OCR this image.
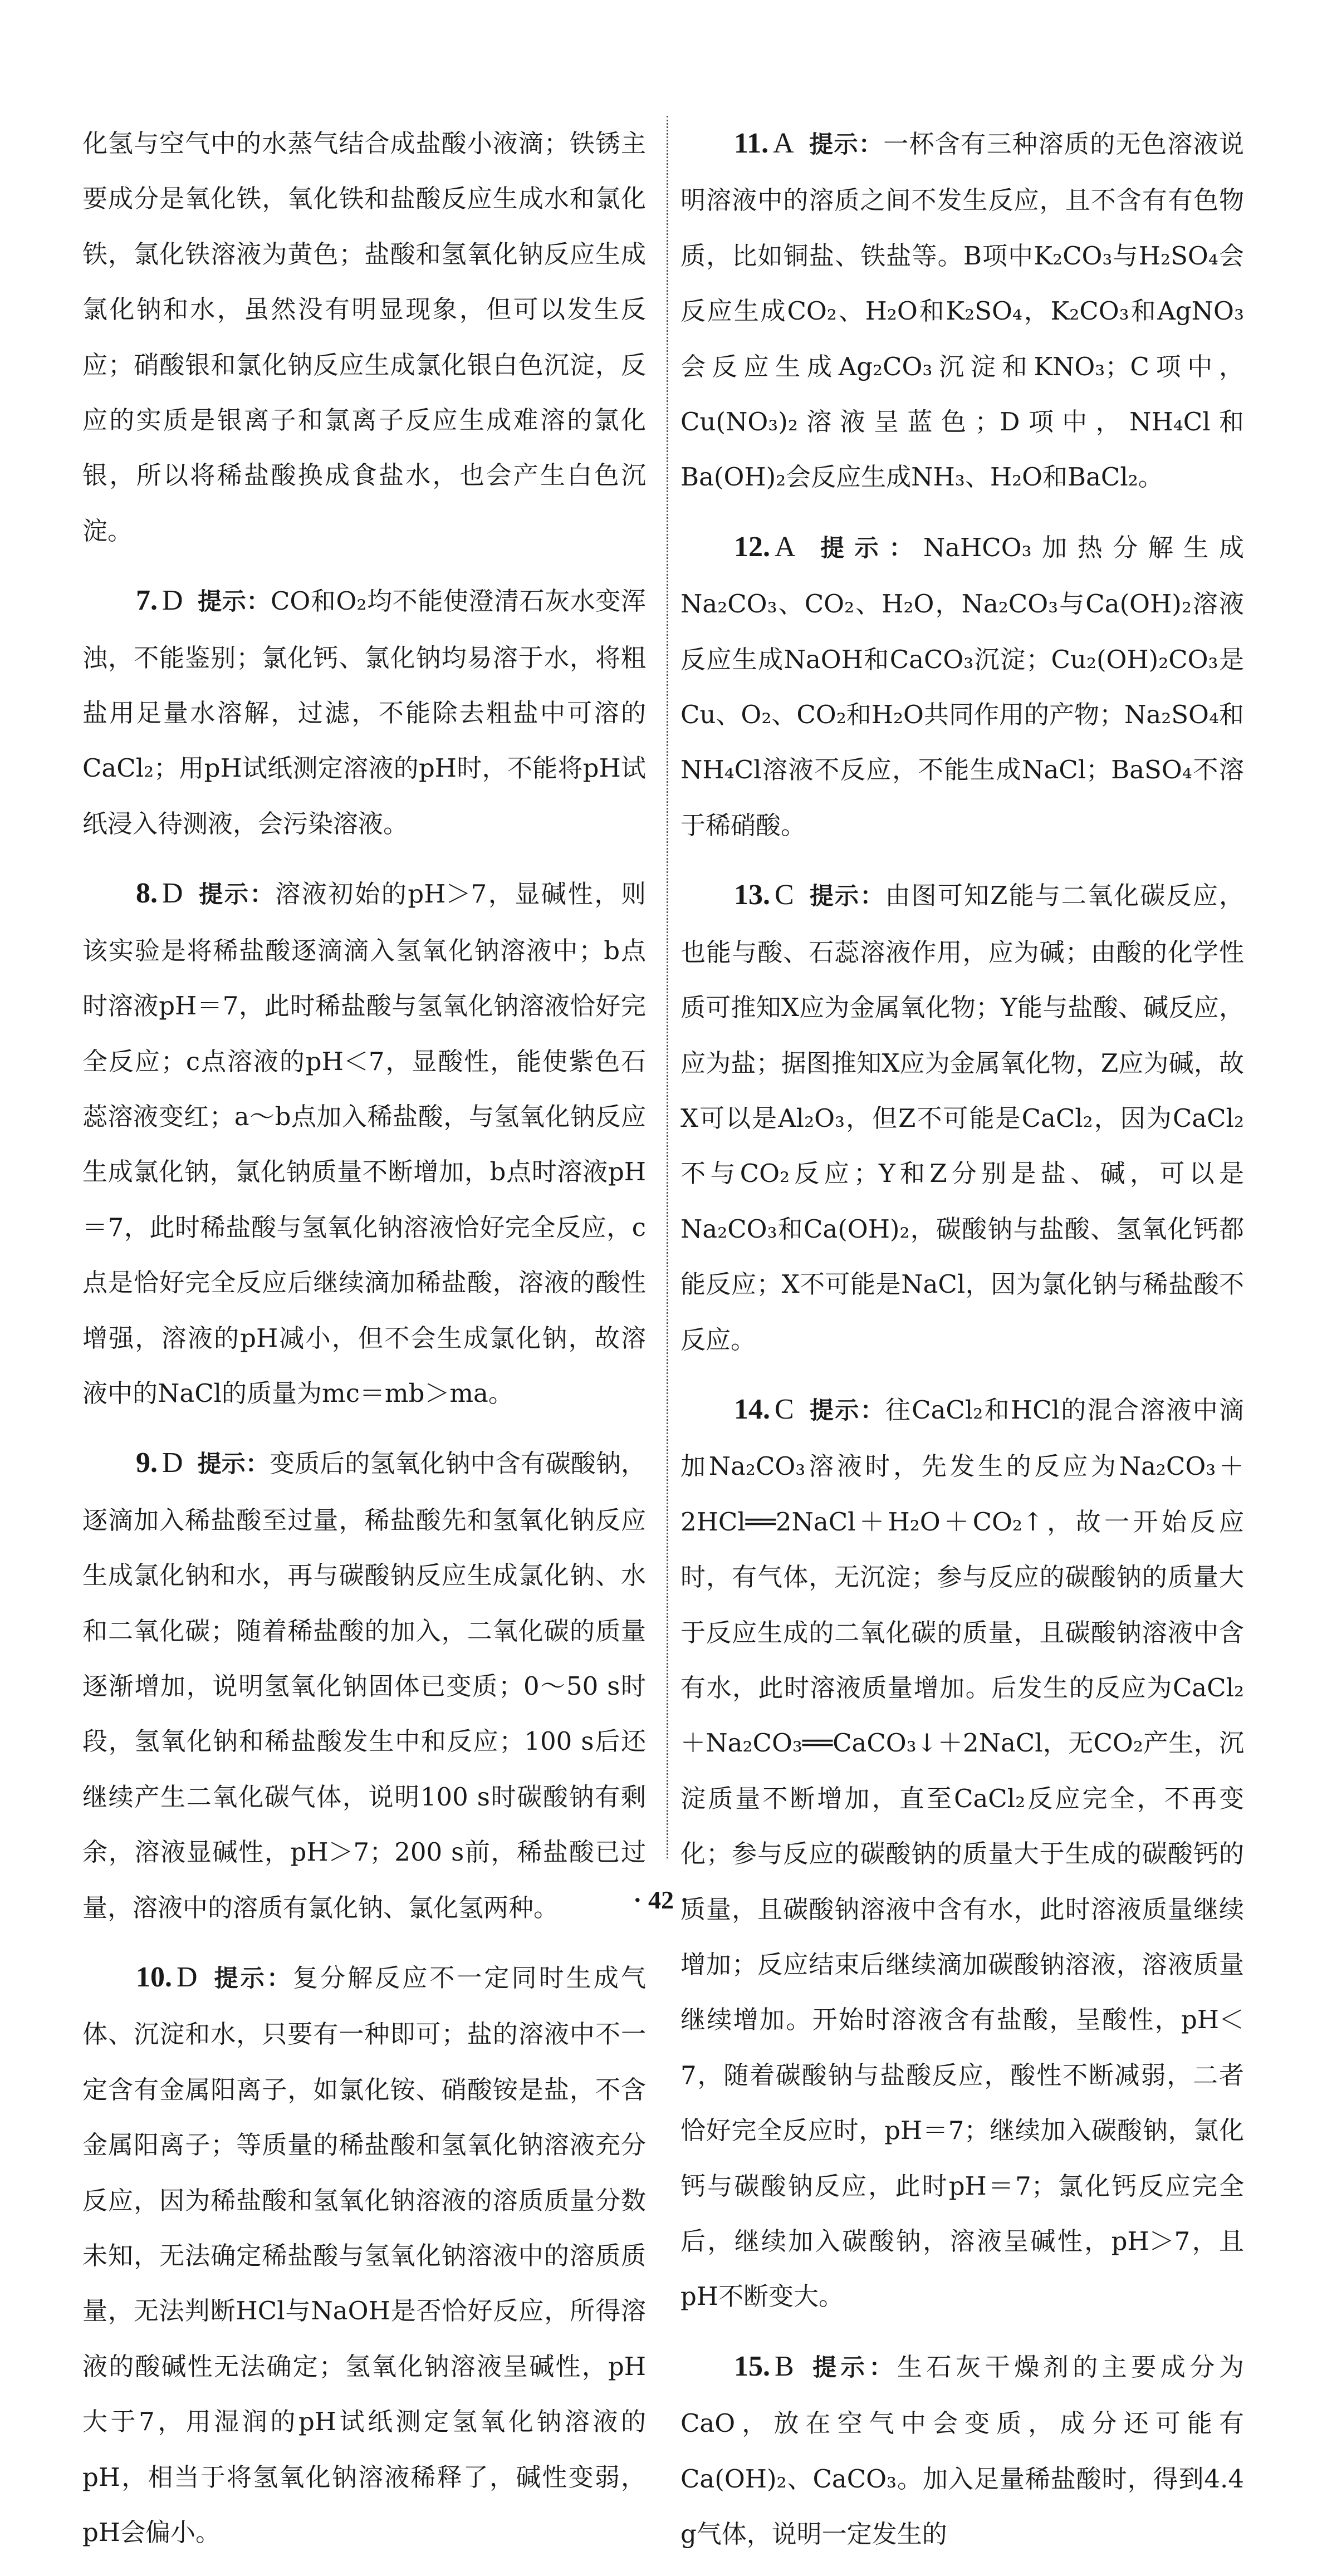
化氢与空气中的水蒸气结合成盐酸小液滴；铁锈主要成分是氧化铁，氧化铁和盐酸反应生成水和氯化铁，氯化铁溶液为黄色；盐酸和氢氧化钠反应生成氯化钠和水，虽然没有明显现象，但可以发生反应；硝酸银和氯化钠反应生成氯化银白色沉淀，反应的实质是银离子和氯离子反应生成难溶的氯化银，所以将稀盐酸换成食盐水，也会产生白色沉淀。

7. D 提示：CO和O₂均不能使澄清石灰水变浑浊，不能鉴别；氯化钙、氯化钠均易溶于水，将粗盐用足量水溶解，过滤，不能除去粗盐中可溶的CaCl₂；用pH试纸测定溶液的pH时，不能将pH试纸浸入待测液，会污染溶液。

8. D 提示：溶液初始的pH＞7，显碱性，则该实验是将稀盐酸逐滴滴入氢氧化钠溶液中；b点时溶液pH＝7，此时稀盐酸与氢氧化钠溶液恰好完全反应；c点溶液的pH＜7，显酸性，能使紫色石蕊溶液变红；a～b点加入稀盐酸，与氢氧化钠反应生成氯化钠，氯化钠质量不断增加，b点时溶液pH＝7，此时稀盐酸与氢氧化钠溶液恰好完全反应，c点是恰好完全反应后继续滴加稀盐酸，溶液的酸性增强，溶液的pH减小，但不会生成氯化钠，故溶液中的NaCl的质量为mc＝mb＞ma。

9. D 提示：变质后的氢氧化钠中含有碳酸钠，逐滴加入稀盐酸至过量，稀盐酸先和氢氧化钠反应生成氯化钠和水，再与碳酸钠反应生成氯化钠、水和二氧化碳；随着稀盐酸的加入，二氧化碳的质量逐渐增加，说明氢氧化钠固体已变质；0～50 s时段，氢氧化钠和稀盐酸发生中和反应；100 s后还继续产生二氧化碳气体，说明100 s时碳酸钠有剩余，溶液显碱性，pH＞7；200 s前，稀盐酸已过量，溶液中的溶质有氯化钠、氯化氢两种。

10. D 提示：复分解反应不一定同时生成气体、沉淀和水，只要有一种即可；盐的溶液中不一定含有金属阳离子，如氯化铵、硝酸铵是盐，不含金属阳离子；等质量的稀盐酸和氢氧化钠溶液充分反应，因为稀盐酸和氢氧化钠溶液的溶质质量分数未知，无法确定稀盐酸与氢氧化钠溶液中的溶质质量，无法判断HCl与NaOH是否恰好反应，所得溶液的酸碱性无法确定；氢氧化钠溶液呈碱性，pH大于7，用湿润的pH试纸测定氢氧化钠溶液的pH，相当于将氢氧化钠溶液稀释了，碱性变弱，pH会偏小。

11. A 提示：一杯含有三种溶质的无色溶液说明溶液中的溶质之间不发生反应，且不含有有色物质，比如铜盐、铁盐等。B项中K₂CO₃与H₂SO₄会反应生成CO₂、H₂O和K₂SO₄，K₂CO₃和AgNO₃会反应生成Ag₂CO₃沉淀和KNO₃；C项中，Cu(NO₃)₂溶液呈蓝色；D项中，NH₄Cl和Ba(OH)₂会反应生成NH₃、H₂O和BaCl₂。

12. A 提示：NaHCO₃加热分解生成Na₂CO₃、CO₂、H₂O，Na₂CO₃与Ca(OH)₂溶液反应生成NaOH和CaCO₃沉淀；Cu₂(OH)₂CO₃是Cu、O₂、CO₂和H₂O共同作用的产物；Na₂SO₄和NH₄Cl溶液不反应，不能生成NaCl；BaSO₄不溶于稀硝酸。

13. C 提示：由图可知Z能与二氧化碳反应，也能与酸、石蕊溶液作用，应为碱；由酸的化学性质可推知X应为金属氧化物；Y能与盐酸、碱反应，应为盐；据图推知X应为金属氧化物，Z应为碱，故X可以是Al₂O₃，但Z不可能是CaCl₂，因为CaCl₂不与CO₂反应；Y和Z分别是盐、碱，可以是Na₂CO₃和Ca(OH)₂，碳酸钠与盐酸、氢氧化钙都能反应；X不可能是NaCl，因为氯化钠与稀盐酸不反应。

14. C 提示：往CaCl₂和HCl的混合溶液中滴加Na₂CO₃溶液时，先发生的反应为Na₂CO₃＋2HCl══2NaCl＋H₂O＋CO₂↑，故一开始反应时，有气体，无沉淀；参与反应的碳酸钠的质量大于反应生成的二氧化碳的质量，且碳酸钠溶液中含有水，此时溶液质量增加。后发生的反应为CaCl₂＋Na₂CO₃══CaCO₃↓＋2NaCl，无CO₂产生，沉淀质量不断增加，直至CaCl₂反应完全，不再变化；参与反应的碳酸钠的质量大于生成的碳酸钙的质量，且碳酸钠溶液中含有水，此时溶液质量继续增加；反应结束后继续滴加碳酸钠溶液，溶液质量继续增加。开始时溶液含有盐酸，呈酸性，pH＜7，随着碳酸钠与盐酸反应，酸性不断减弱，二者恰好完全反应时，pH＝7；继续加入碳酸钠，氯化钙与碳酸钠反应，此时pH＝7；氯化钙反应完全后，继续加入碳酸钠，溶液呈碱性，pH＞7，且pH不断变大。

15. B 提示：生石灰干燥剂的主要成分为CaO，放在空气中会变质，成分还可能有Ca(OH)₂、CaCO₃。加入足量稀盐酸时，得到4.4 g气体，说明一定发生的

· 42 ·
